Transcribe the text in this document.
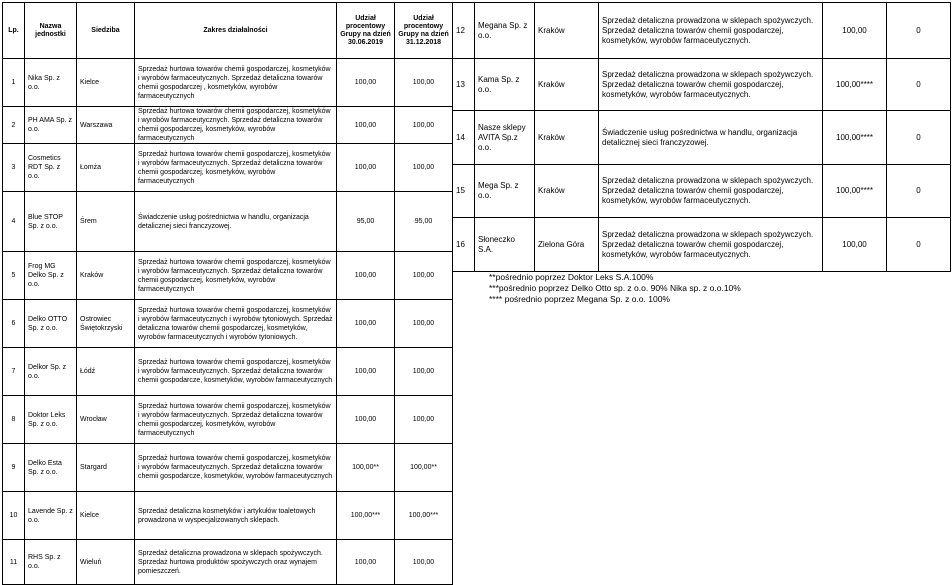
Lp.	Nazwa jednostki	Siedziba	Zakres działalności	Udział procentowy Grupy na dzień 30.06.2019	Udział procentowy Grupy na dzień 31.12.2018
1	Nika Sp. z o.o.	Kielce	Sprzedaż hurtowa towarów chemii gospodarczej, kosmetyków i wyrobów farmaceutycznych. Sprzedaż detaliczna towarów chemii gospodarczej , kosmetyków, wyrobów farmaceutycznych	100,00	100,00
2	PH AMA Sp. z o.o.	Warszawa	Sprzedaż hurtowa towarów chemii gospodarczej, kosmetyków i wyrobów farmaceutycznych. Sprzedaż detaliczna towarów chemii gospodarczej, kosmetyków, wyrobów farmaceutycznych	100,00	100,00
3	Cosmetics RDT Sp. z o.o.	Łomża	Sprzedaż hurtowa towarów chemii gospodarczej, kosmetyków i wyrobów farmaceutycznych. Sprzedaż detaliczna towarów chemii gospodarczej, kosmetyków, wyrobów farmaceutycznych	100,00	100,00
4	Blue STOP Sp. z o.o.	Śrem	Świadczenie usług pośrednictwa w handlu, organizacja detalicznej sieci franczyzowej.	95,00	95,00
5	Frog MG Delko Sp. z o.o.	Kraków	Sprzedaż hurtowa towarów chemii gospodarczej, kosmetyków i wyrobów farmaceutycznych. Sprzedaż detaliczna towarów chemii gospodarczej, kosmetyków, wyrobów farmaceutycznych	100,00	100,00
6	Delko OTTO Sp. z o.o.	Ostrowiec Świętokrzyski	Sprzedaż hurtowa towarów chemii gospodarczej, kosmetyków i wyrobów farmaceutycznych i wyrobów tytoniowych. Sprzedaż detaliczna towarów chemii gospodarczej, kosmetyków, wyrobów farmaceutycznych i wyrobów tytoniowych.	100,00	100,00
7	Delkor Sp. z o.o.	Łódź	Sprzedaż hurtowa towarów chemii gospodarczej, kosmetyków i wyrobów farmaceutycznych. Sprzedaż detaliczna towarów chemii gospodarcze, kosmetyków, wyrobów farmaceutycznych	100,00	100,00
8	Doktor Leks Sp. z o.o.	Wrocław	Sprzedaż hurtowa towarów chemii gospodarczej, kosmetyków i wyrobów farmaceutycznych. Sprzedaż detaliczna towarów chemii gospodarczej, kosmetyków, wyrobów farmaceutycznych	100,00	100,00
9	Delko Esta Sp. z o.o.	Stargard	Sprzedaż hurtowa towarów chemii gospodarczej, kosmetyków i wyrobów farmaceutycznych. Sprzedaż detaliczna towarów chemii gospodarcze, kosmetyków, wyrobów farmaceutycznych	100,00**	100,00**
10	Lavende Sp. z o.o.	Kielce	Sprzedaż detaliczna kosmetyków i artykułów toaletowych prowadzona w wyspecjalizowanych sklepach.	100,00***	100,00***
11	RHS Sp. z o.o.	Wieluń	Sprzedaż detaliczna prowadzona w sklepach spożywczych. Sprzedaż hurtowa produktów spożywczych oraz wynajem pomieszczeń.	100,00	100,00
12	Megana Sp. z o.o.	Kraków	Sprzedaż detaliczna prowadzona w sklepach spożywczych. Sprzedaż detaliczna towarów chemii gospodarczej, kosmetyków, wyrobów farmaceutycznych.	100,00	0
13	Kama Sp. z o.o.	Kraków	Sprzedaż detaliczna prowadzona w sklepach spożywczych. Sprzedaż detaliczna towarów chemii gospodarczej, kosmetyków, wyrobów farmaceutycznych.	100,00****	0
14	Nasze sklepy AVITA Sp.z o.o.	Kraków	Świadczenie usług pośrednictwa w handlu, organizacja detalicznej sieci franczyzowej.	100,00****	0
15	Mega Sp. z o.o.	Kraków	Sprzedaż detaliczna prowadzona w sklepach spożywczych. Sprzedaż detaliczna towarów chemii gospodarczej, kosmetyków, wyrobów farmaceutycznych.	100,00****	0
16	Słoneczko S.A.	Zielona Góra	Sprzedaż detaliczna prowadzona w sklepach spożywczych. Sprzedaż detaliczna towarów chemii gospodarczej, kosmetyków, wyrobów farmaceutycznych.	100,00	0
**pośrednio poprzez Doktor Leks S.A.100%
***pośrednio poprzez Delko Otto sp. z o.o. 90% Nika sp. z o.o.10%
**** pośrednio poprzez Megana Sp. z o.o. 100%
